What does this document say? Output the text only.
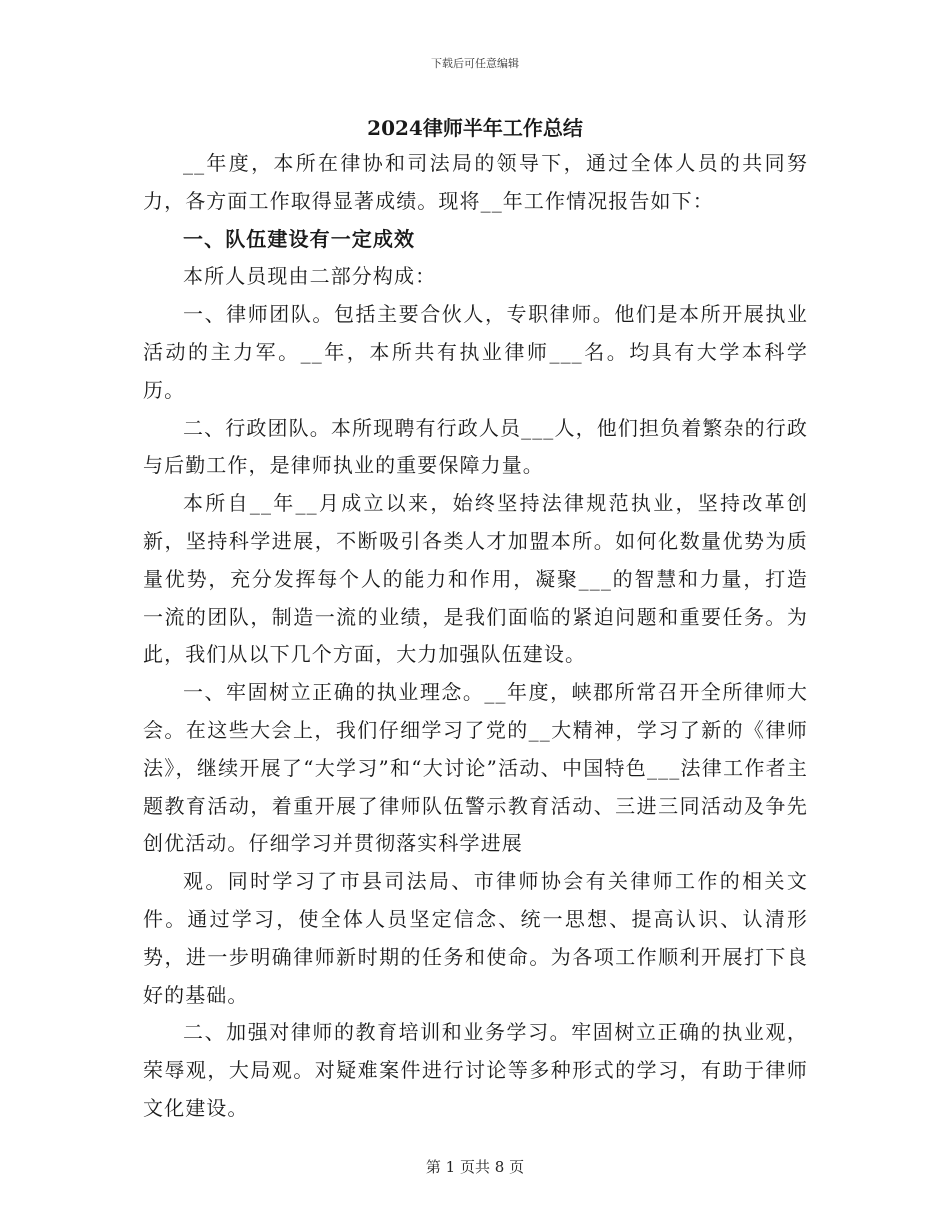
下载后可任意编辑
2024律师半年工作总结

__年度，本所在律协和司法局的领导下，通过全体人员的共同努力，各方面工作取得显著成绩。现将__年工作情况报告如下：

一、队伍建设有一定成效

本所人员现由二部分构成：

一、律师团队。包括主要合伙人，专职律师。他们是本所开展执业活动的主力军。__年，本所共有执业律师___名。均具有大学本科学历。

二、行政团队。本所现聘有行政人员___人，他们担负着繁杂的行政与后勤工作，是律师执业的重要保障力量。

本所自__年__月成立以来，始终坚持法律规范执业，坚持改革创新，坚持科学进展，不断吸引各类人才加盟本所。如何化数量优势为质量优势，充分发挥每个人的能力和作用，凝聚___的智慧和力量，打造一流的团队，制造一流的业绩，是我们面临的紧迫问题和重要任务。为此，我们从以下几个方面，大力加强队伍建设。

一、牢固树立正确的执业理念。__年度，峡郡所常召开全所律师大会。在这些大会上，我们仔细学习了党的__大精神，学习了新的《律师法》，继续开展了“大学习”和“大讨论”活动、中国特色___法律工作者主题教育活动，着重开展了律师队伍警示教育活动、三进三同活动及争先创优活动。仔细学习并贯彻落实科学进展

观。同时学习了市县司法局、市律师协会有关律师工作的相关文件。通过学习，使全体人员坚定信念、统一思想、提高认识、认清形势，进一步明确律师新时期的任务和使命。为各项工作顺利开展打下良好的基础。

二、加强对律师的教育培训和业务学习。牢固树立正确的执业观，荣辱观，大局观。对疑难案件进行讨论等多种形式的学习，有助于律师文化建设。

第 1 页共 8 页
